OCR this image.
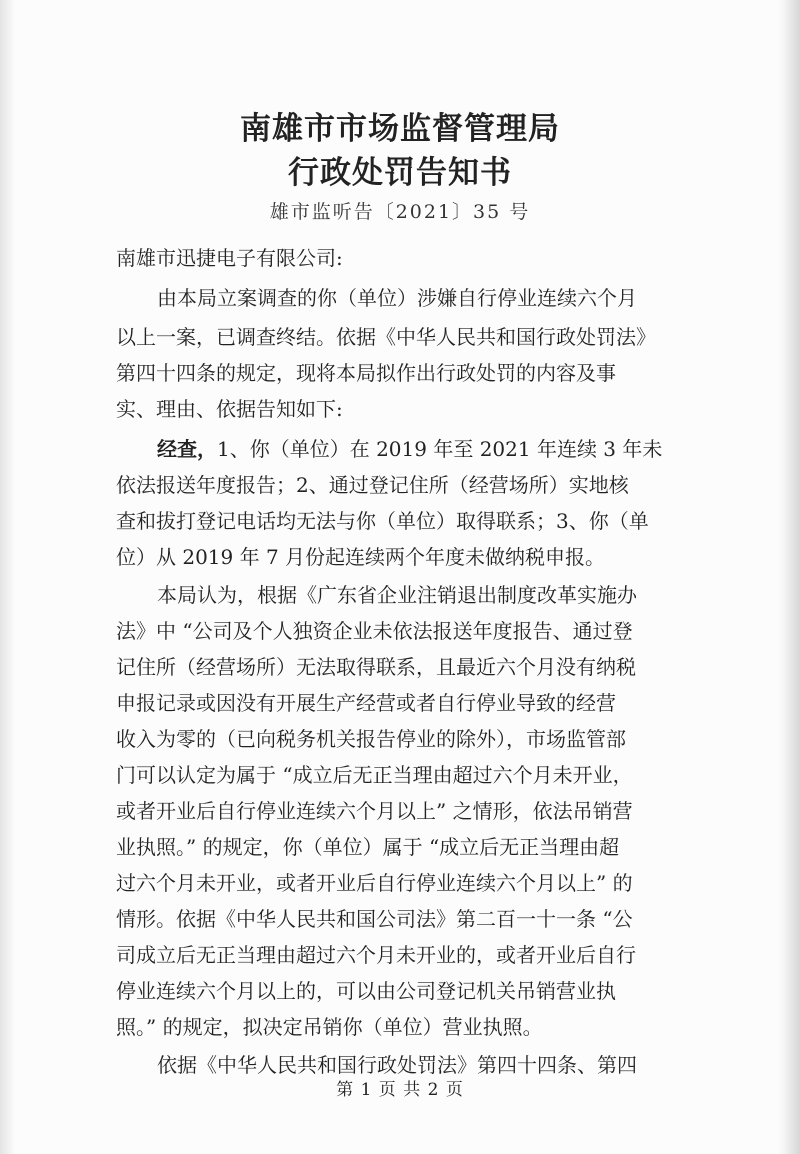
南雄市市场监督管理局
行政处罚告知书
雄市监听告〔2021〕35 号
南雄市迅捷电子有限公司:
由本局立案调查的你（单位）涉嫌自行停业连续六个月
以上一案，已调查终结。依据《中华人民共和国行政处罚法》
第四十四条的规定，现将本局拟作出行政处罚的内容及事
实、理由、依据告知如下:
经查，1、你（单位）在 2019 年至 2021 年连续 3 年未
依法报送年度报告；2、通过登记住所（经营场所）实地核
查和拔打登记电话均无法与你（单位）取得联系；3、你（单
位）从 2019 年 7 月份起连续两个年度未做纳税申报。
本局认为，根据《广东省企业注销退出制度改革实施办
法》中 “公司及个人独资企业未依法报送年度报告、通过登
记住所（经营场所）无法取得联系，且最近六个月没有纳税
申报记录或因没有开展生产经营或者自行停业导致的经营
收入为零的（已向税务机关报告停业的除外），市场监管部
门可以认定为属于 “成立后无正当理由超过六个月未开业，
或者开业后自行停业连续六个月以上” 之情形，依法吊销营
业执照。” 的规定，你（单位）属于 “成立后无正当理由超
过六个月未开业，或者开业后自行停业连续六个月以上” 的
情形。依据《中华人民共和国公司法》第二百一十一条 “公
司成立后无正当理由超过六个月未开业的，或者开业后自行
停业连续六个月以上的，可以由公司登记机关吊销营业执
照。” 的规定，拟决定吊销你（单位）营业执照。
依据《中华人民共和国行政处罚法》第四十四条、第四
第 1 页 共 2 页
